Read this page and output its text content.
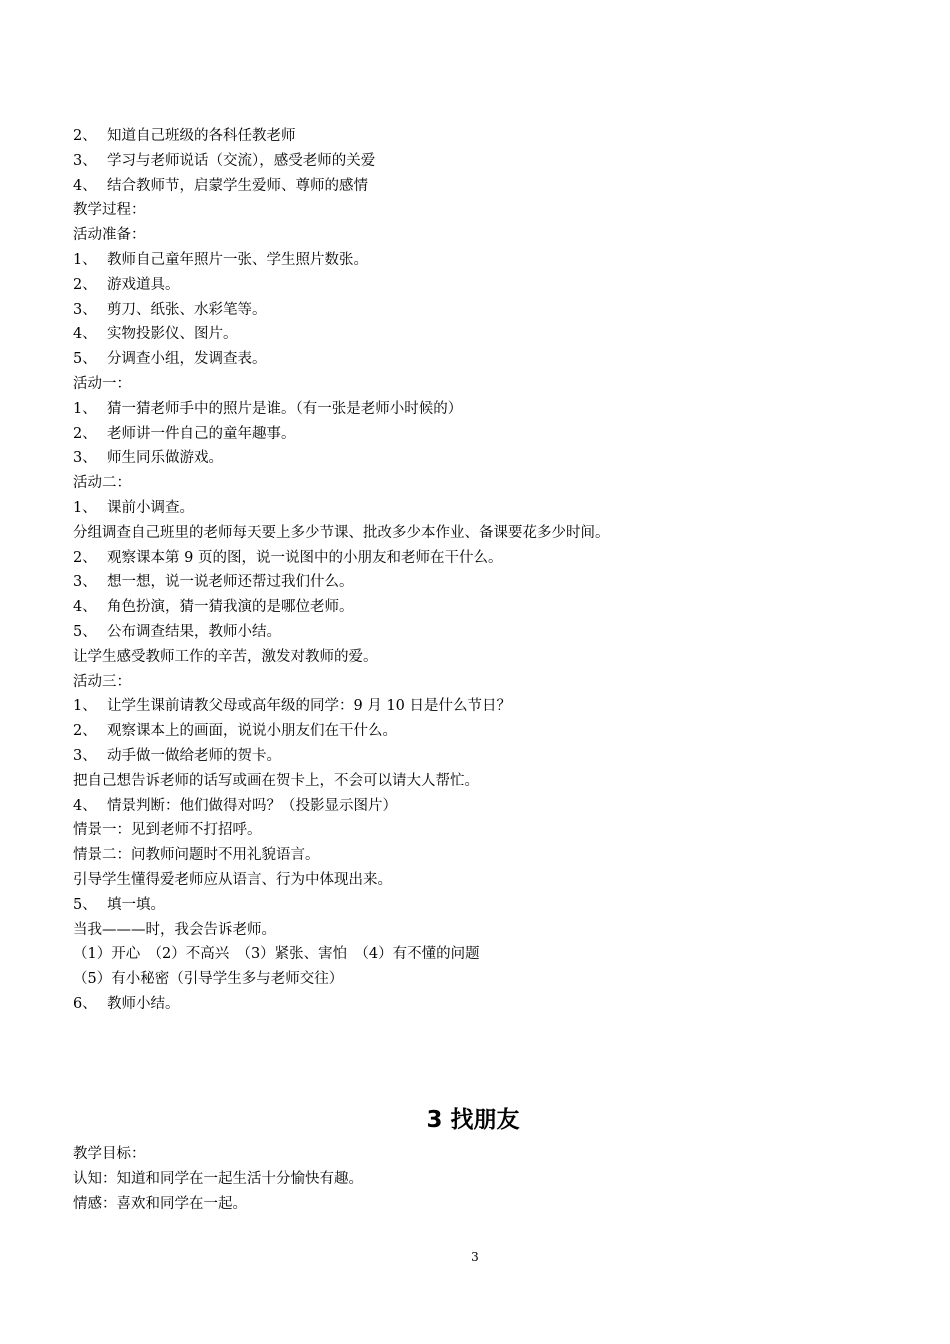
2、 知道自己班级的各科任教老师
3、 学习与老师说话（交流），感受老师的关爱
4、 结合教师节，启蒙学生爱师、尊师的感情
教学过程：
活动准备：
1、 教师自己童年照片一张、学生照片数张。
2、 游戏道具。
3、 剪刀、纸张、水彩笔等。
4、 实物投影仪、图片。
5、 分调查小组，发调查表。
活动一：
1、 猜一猜老师手中的照片是谁。（有一张是老师小时候的）
2、 老师讲一件自己的童年趣事。
3、 师生同乐做游戏。
活动二：
1、 课前小调查。
分组调查自己班里的老师每天要上多少节课、批改多少本作业、备课要花多少时间。
2、 观察课本第 9 页的图，说一说图中的小朋友和老师在干什么。
3、 想一想，说一说老师还帮过我们什么。
4、 角色扮演，猜一猜我演的是哪位老师。
5、 公布调查结果，教师小结。
让学生感受教师工作的辛苦，激发对教师的爱。
活动三：
1、 让学生课前请教父母或高年级的同学：9 月 10 日是什么节日？
2、 观察课本上的画面，说说小朋友们在干什么。
3、 动手做一做给老师的贺卡。
把自己想告诉老师的话写或画在贺卡上，不会可以请大人帮忙。
4、 情景判断：他们做得对吗？（投影显示图片）
情景一：见到老师不打招呼。
情景二：问教师问题时不用礼貌语言。
引导学生懂得爱老师应从语言、行为中体现出来。
5、 填一填。
当我———时，我会告诉老师。
（1）开心　（2）不高兴　（3）紧张、害怕　（4）有不懂的问题
（5）有小秘密（引导学生多与老师交往）
6、 教师小结。
3 找朋友
教学目标：
认知：知道和同学在一起生活十分愉快有趣。
情感：喜欢和同学在一起。
3
